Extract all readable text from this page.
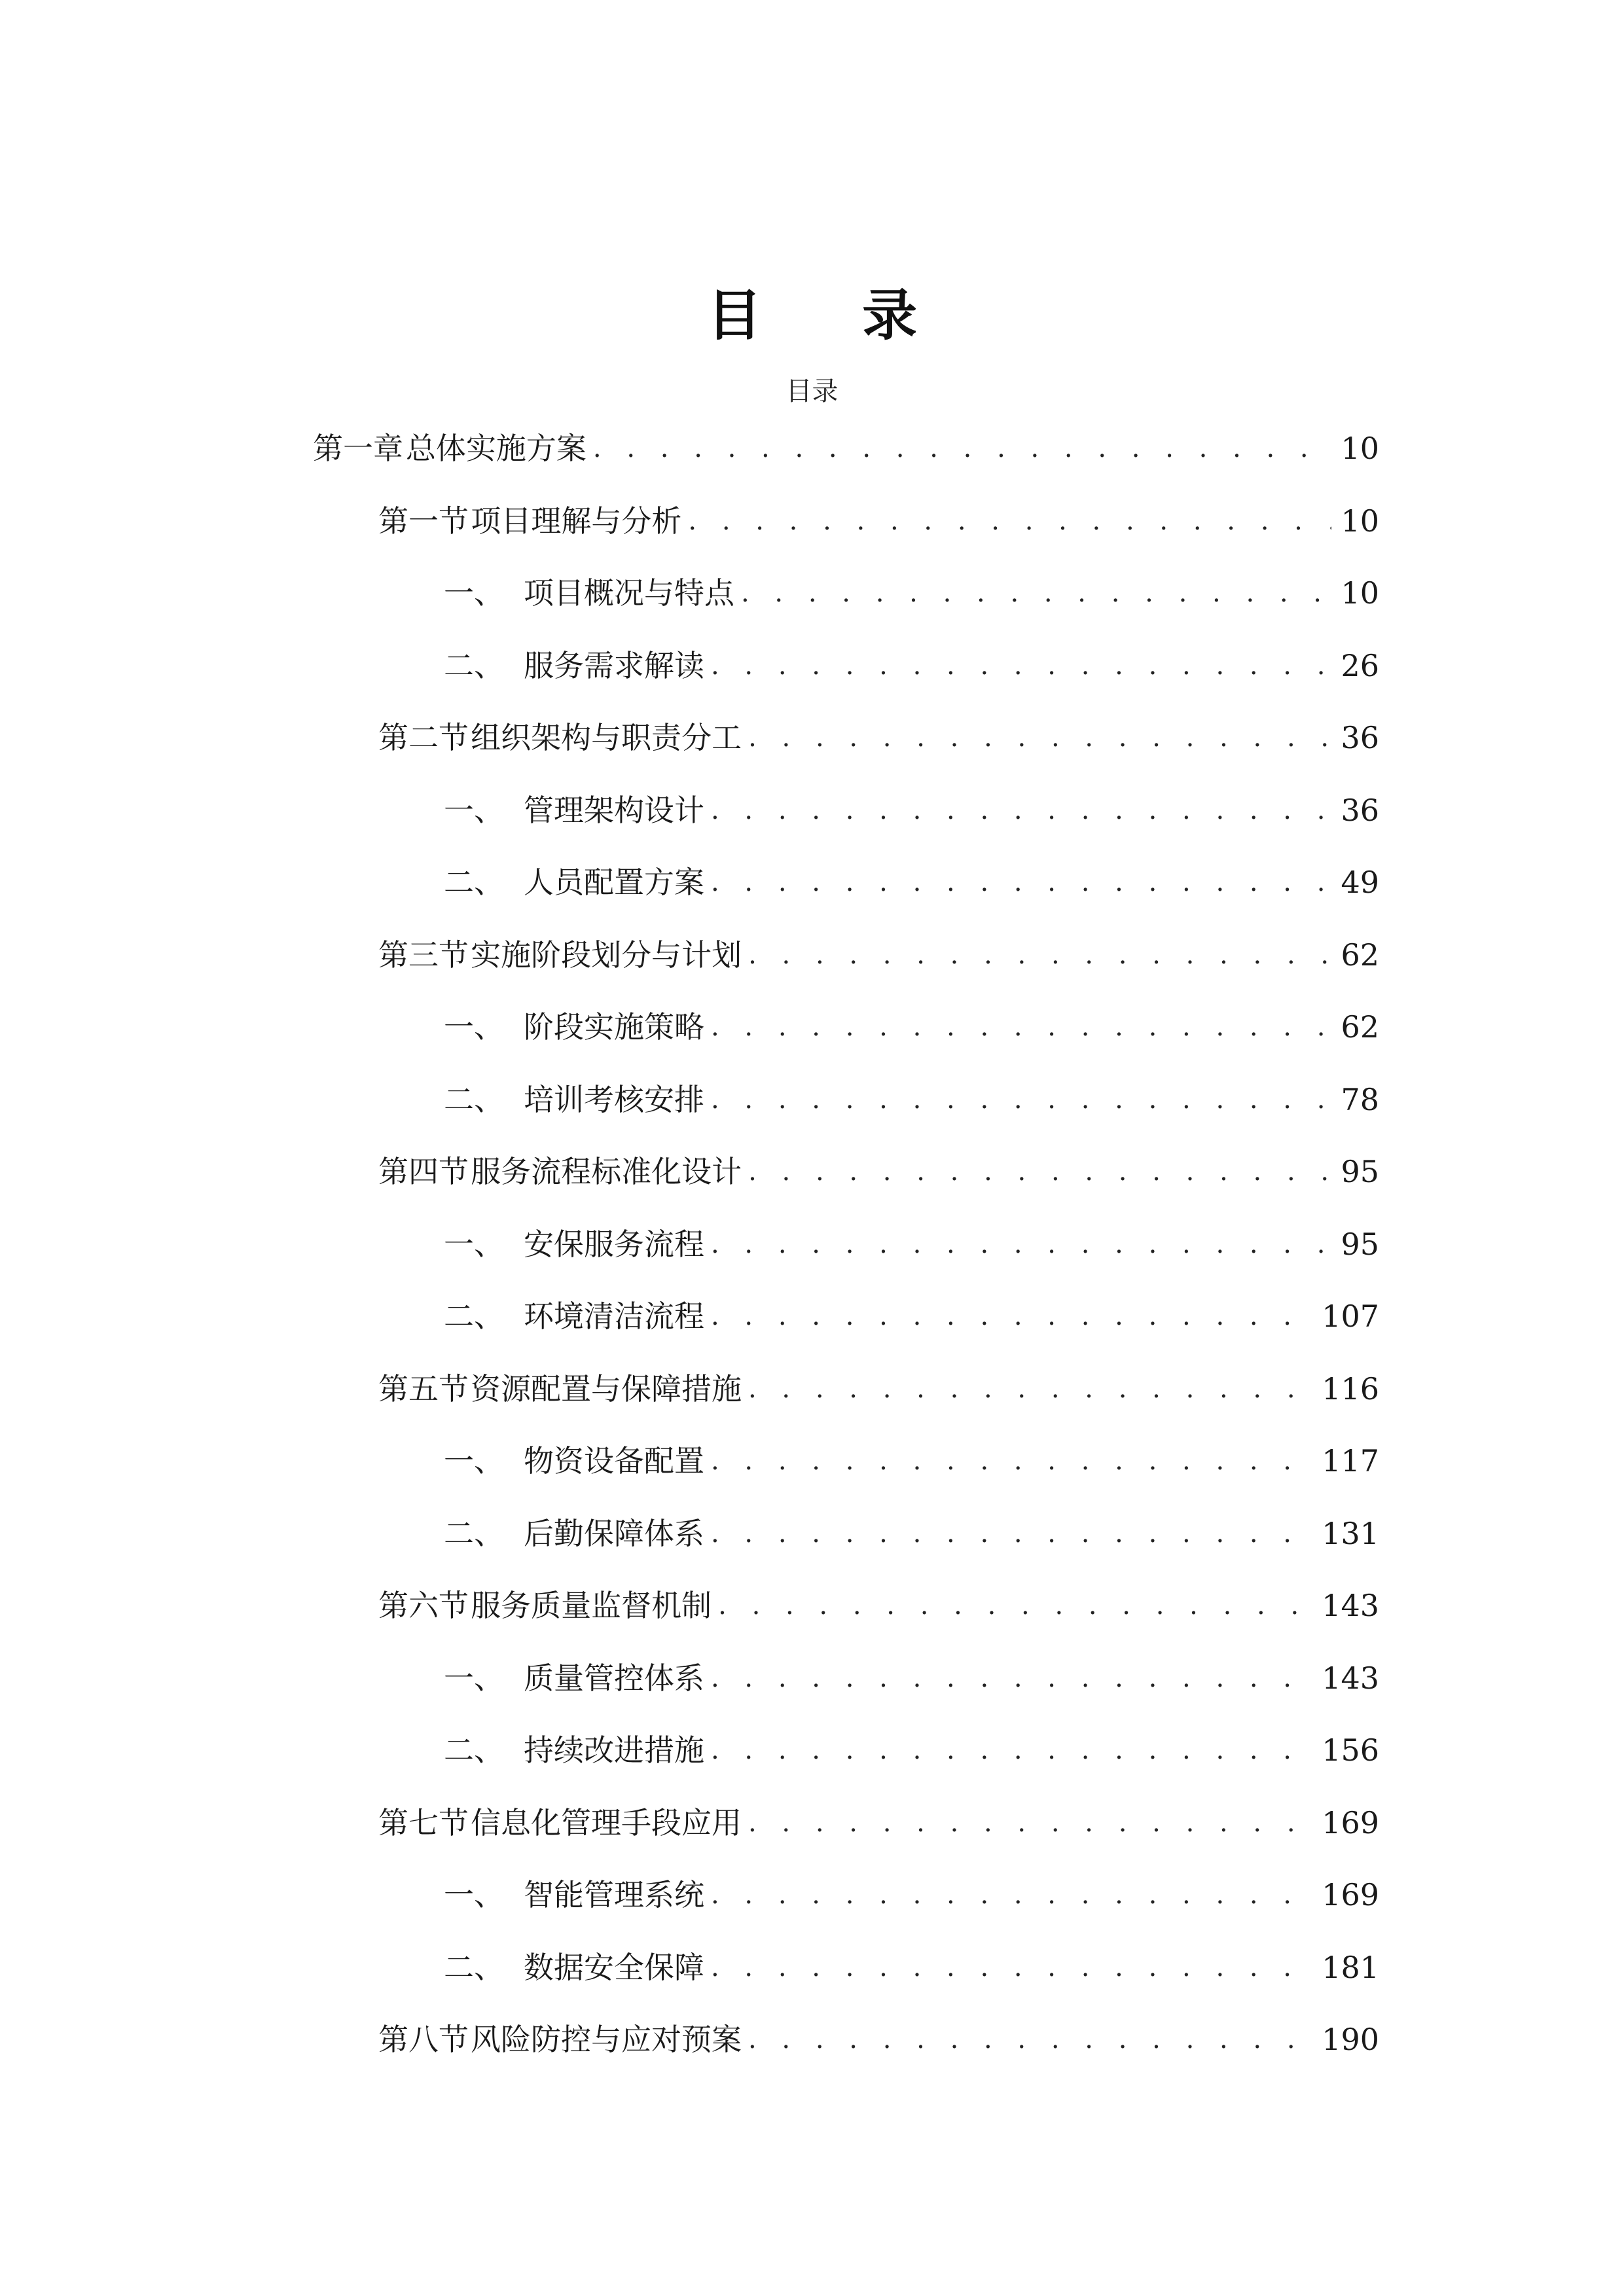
目 录
目录
第一章 总体实施方案 . . .	10
第一节 项目理解与分析 . . .	10
一、 项目概况与特点 . . .	10
二、 服务需求解读 . . .	26
第二节 组织架构与职责分工 . . .	36
一、 管理架构设计 . . .	36
二、 人员配置方案 . . .	49
第三节 实施阶段划分与计划 . . .	62
一、 阶段实施策略 . . .	62
二、 培训考核安排 . . .	78
第四节 服务流程标准化设计 . . .	95
一、 安保服务流程 . . .	95
二、 环境清洁流程 . . .	107
第五节 资源配置与保障措施 . . .	116
一、 物资设备配置 . . .	117
二、 后勤保障体系 . . .	131
第六节 服务质量监督机制 . . .	143
一、 质量管控体系 . . .	143
二、 持续改进措施 . . .	156
第七节 信息化管理手段应用 . . .	169
一、 智能管理系统 . . .	169
二、 数据安全保障 . . .	181
第八节 风险防控与应对预案 . . .	190
